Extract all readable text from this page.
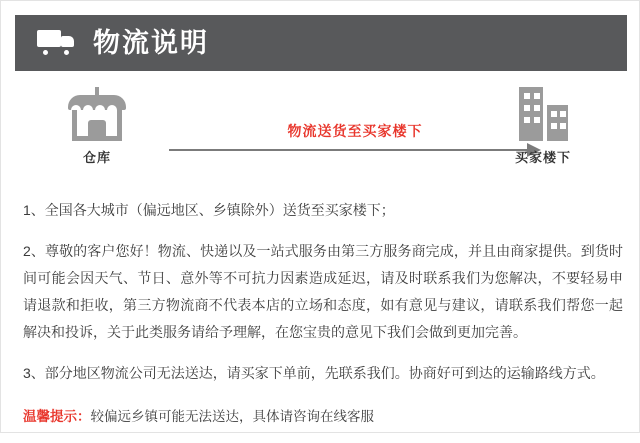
物流说明
仓库
物流送货至买家楼下
买家楼下

1、全国各大城市（偏远地区、乡镇除外）送货至买家楼下；

2、尊敬的客户您好！物流、快递以及一站式服务由第三方服务商完成，并且由商家提供。到货时间可能会因天气、节日、意外等不可抗力因素造成延迟，请及时联系我们为您解决，不要轻易申请退款和拒收，第三方物流商不代表本店的立场和态度，如有意见与建议，请联系我们帮您一起解决和投诉，关于此类服务请给予理解，在您宝贵的意见下我们会做到更加完善。

3、部分地区物流公司无法送达，请买家下单前，先联系我们。协商好可到达的运输路线方式。

温馨提示：较偏远乡镇可能无法送达，具体请咨询在线客服
